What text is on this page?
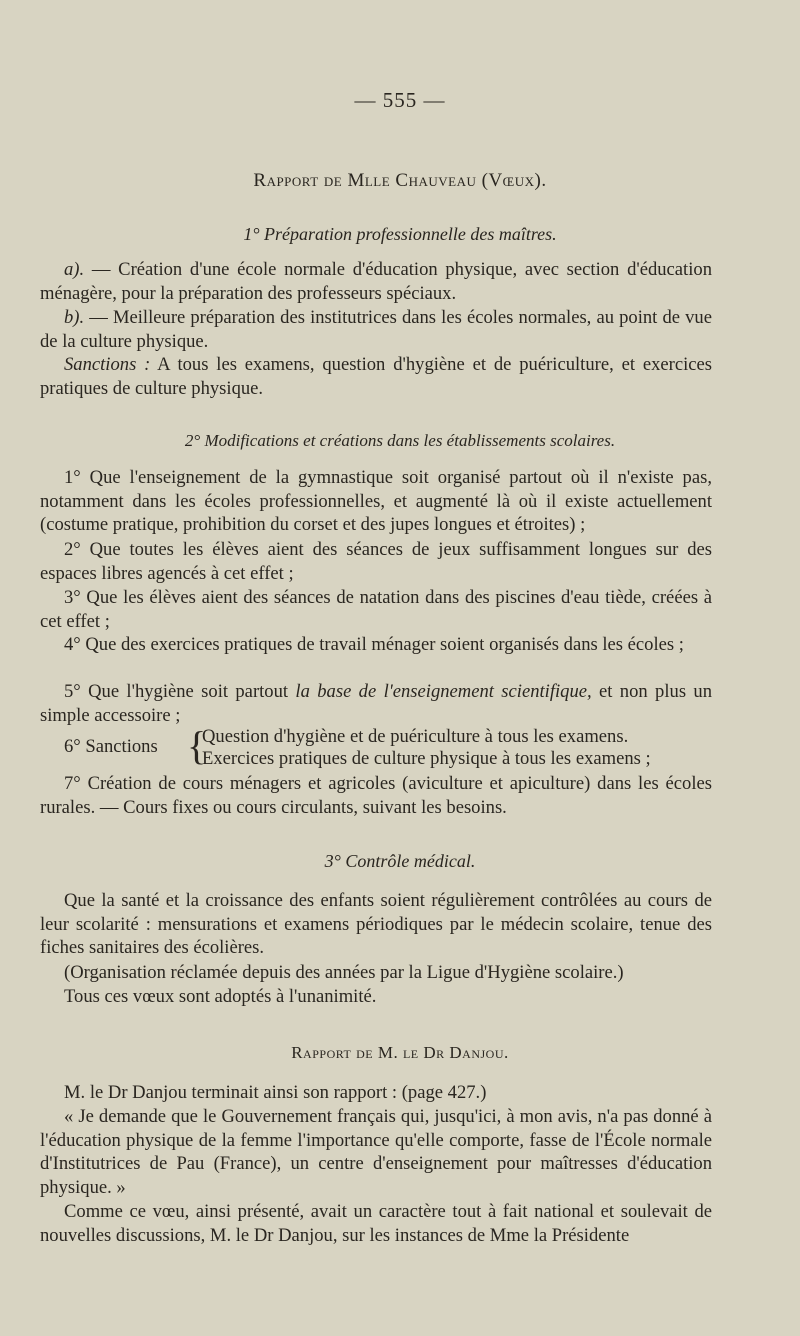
— 555 —
Rapport de Mlle Chauveau (Vœux).
1° Préparation professionnelle des maîtres.

a). — Création d'une école normale d'éducation physique, avec section d'éducation ménagère, pour la préparation des professeurs spéciaux.

b). — Meilleure préparation des institutrices dans les écoles normales, au point de vue de la culture physique.

Sanctions : A tous les examens, question d'hygiène et de puériculture, et exercices pratiques de culture physique.

2° Modifications et créations dans les établissements scolaires.

1° Que l'enseignement de la gymnastique soit organisé partout où il n'existe pas, notamment dans les écoles professionnelles, et augmenté là où il existe actuellement (costume pratique, prohibition du corset et des jupes longues et étroites) ;

2° Que toutes les élèves aient des séances de jeux suffisamment longues sur des espaces libres agencés à cet effet ;

3° Que les élèves aient des séances de natation dans des piscines d'eau tiède, créées à cet effet ;

4° Que des exercices pratiques de travail ménager soient organisés dans les écoles ;

5° Que l'hygiène soit partout la base de l'enseignement scientifique, et non plus un simple accessoire ;

6° Sanctions {
Question d'hygiène et de puériculture à tous les examens.
Exercices pratiques de culture physique à tous les examens ;

7° Création de cours ménagers et agricoles (aviculture et apiculture) dans les écoles rurales. — Cours fixes ou cours circulants, suivant les besoins.

3° Contrôle médical.

Que la santé et la croissance des enfants soient régulièrement contrôlées au cours de leur scolarité : mensurations et examens périodiques par le médecin scolaire, tenue des fiches sanitaires des écolières.

(Organisation réclamée depuis des années par la Ligue d'Hygiène scolaire.)

Tous ces vœux sont adoptés à l'unanimité.

Rapport de M. le Dr Danjou.

M. le Dr Danjou terminait ainsi son rapport : (page 427.)

« Je demande que le Gouvernement français qui, jusqu'ici, à mon avis, n'a pas donné à l'éducation physique de la femme l'importance qu'elle comporte, fasse de l'École normale d'Institutrices de Pau (France), un centre d'enseignement pour maîtresses d'éducation physique. »

Comme ce vœu, ainsi présenté, avait un caractère tout à fait national et soulevait de nouvelles discussions, M. le Dr Danjou, sur les instances de Mme la Présidente
